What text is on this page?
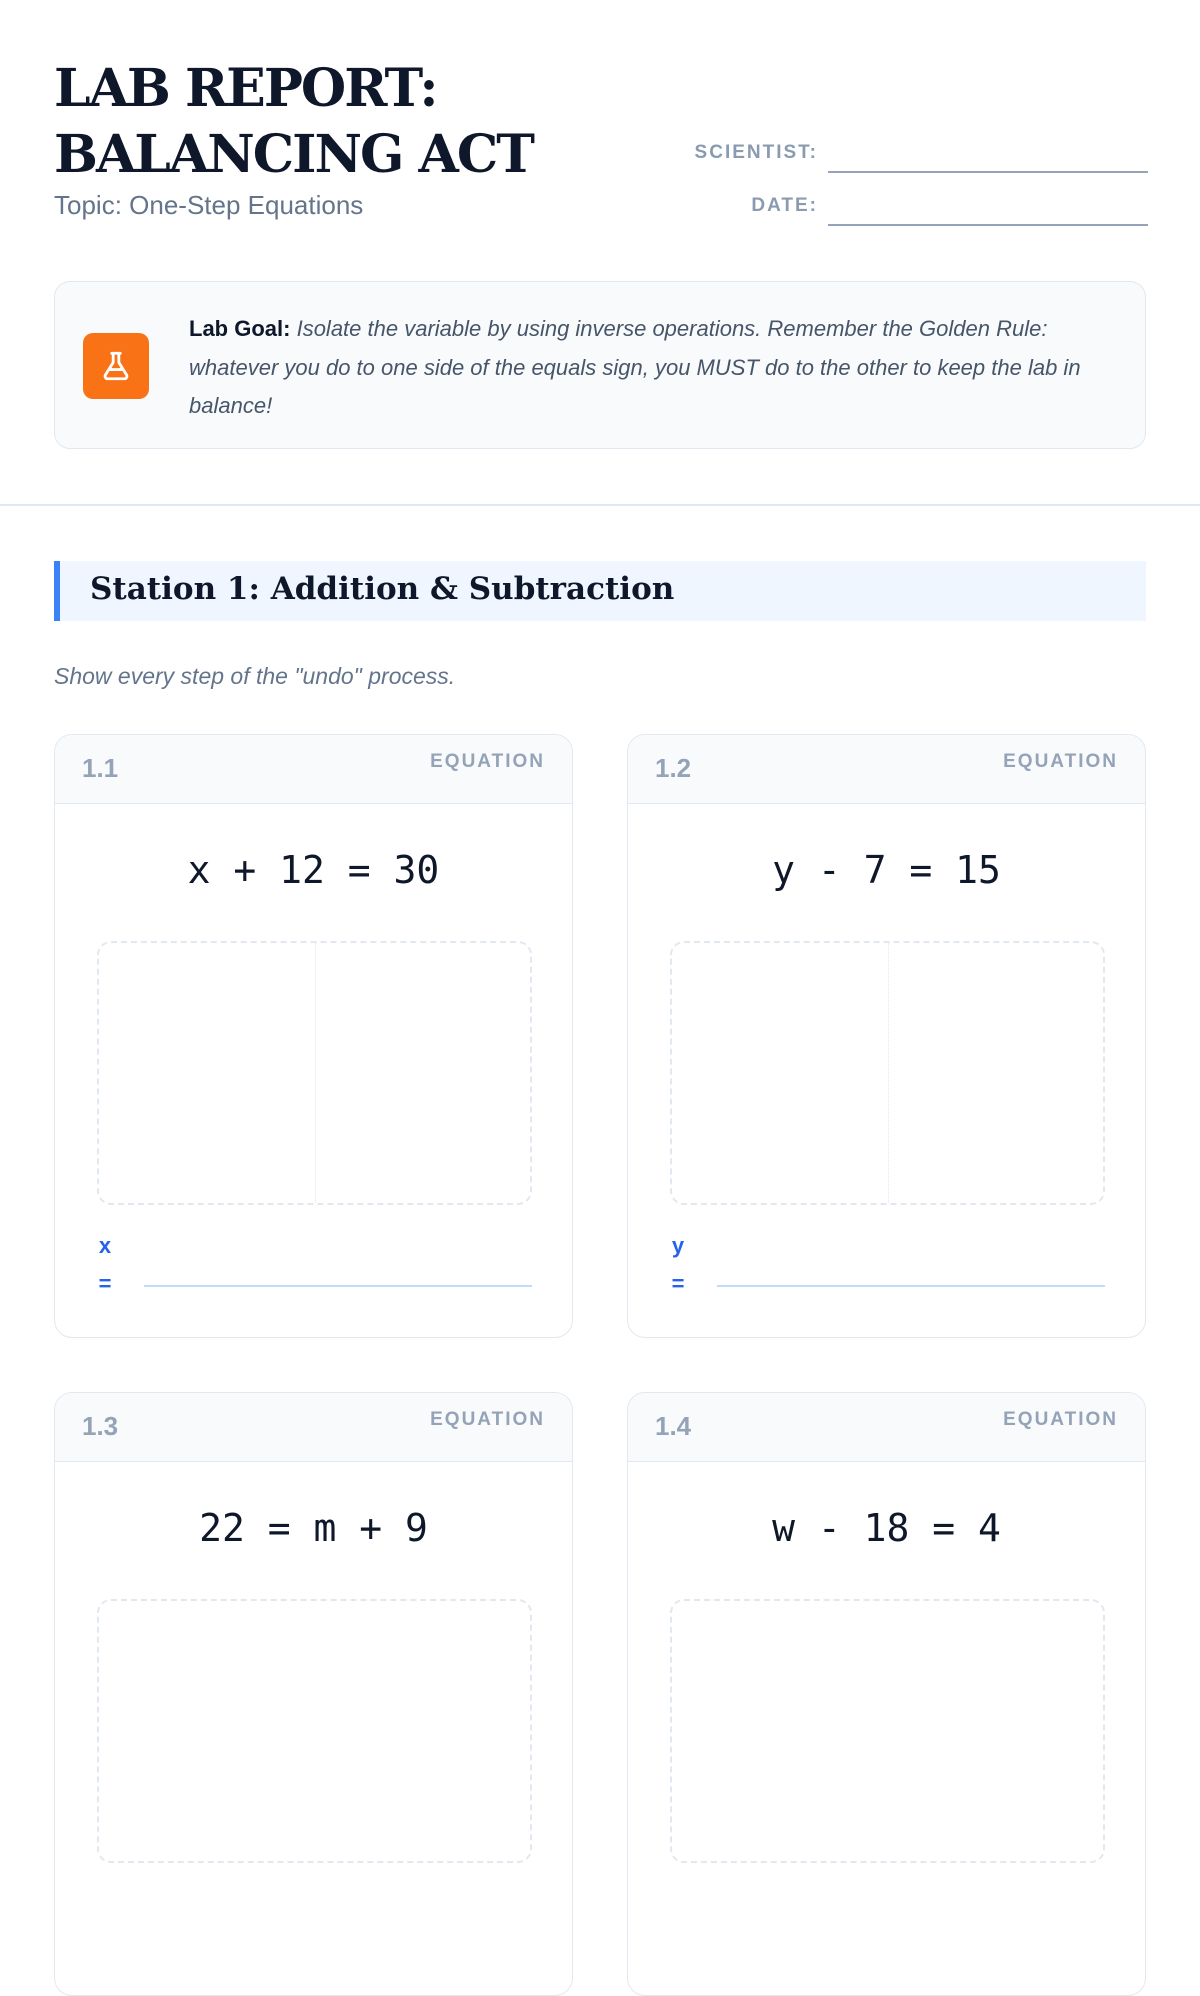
LAB REPORT:
BALANCING ACT
Topic: One-Step Equations
SCIENTIST:
DATE:
Lab Goal: Isolate the variable by using inverse operations. Remember the Golden Rule: whatever you do to one side of the equals sign, you MUST do to the other to keep the lab in balance!
Station 1: Addition & Subtraction
Show every step of the "undo" process.
1.1	EQUATION
x + 12 = 30
x
=
1.2	EQUATION
y - 7 = 15
y
=
1.3	EQUATION
22 = m + 9
1.4	EQUATION
w - 18 = 4
